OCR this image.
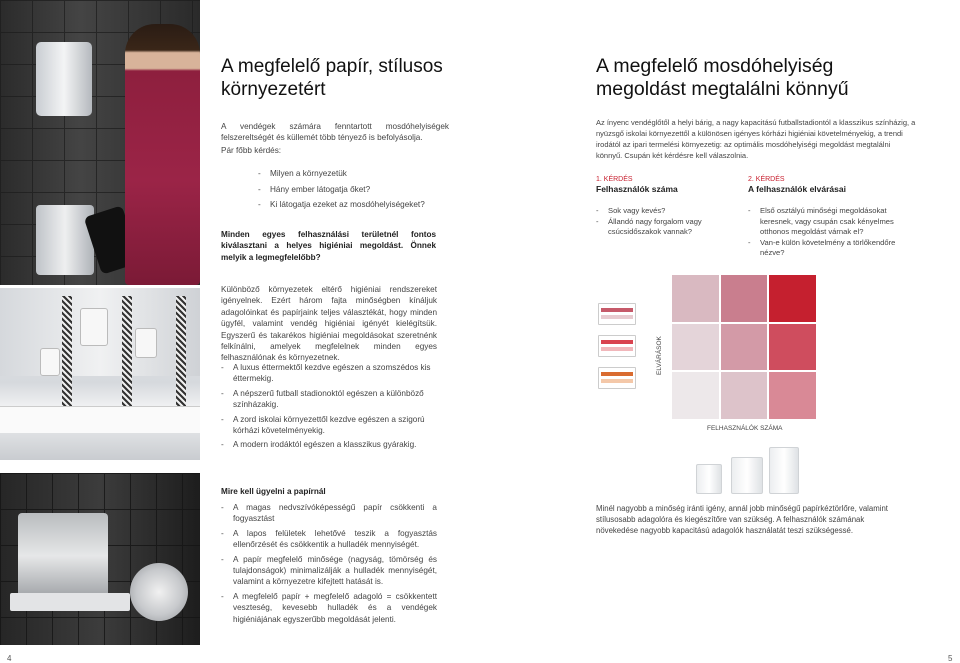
A megfelelő papír, stílusos környezetért

A vendégek számára fenntartott mosdóhelyiségek felszereltségét és küllemét több tényező is befolyásolja.

Pár főbb kérdés:

- Milyen a környezetük
- Hány ember látogatja őket?
- Ki látogatja ezeket az mosdóhelyiségeket?

Minden egyes felhasználási területnél fontos kiválasztani a helyes higiéniai megoldást. Önnek melyik a legmegfelelőbb?

Különböző környezetek eltérő higiéniai rendszereket igényelnek. Ezért három fajta minőségben kínáljuk adagolóinkat és papírjaink teljes választékát, hogy minden ügyfél, valamint vendég higiéniai igényét kielégítsük. Egyszerű és takarékos higiéniai megoldásokat szeretnénk felkínálni, amelyek megfelelnek minden egyes felhasználónak és környezetnek.

- A luxus éttermektől kezdve egészen a szomszédos kis éttermekig.
- A népszerű futball stadionoktól egészen a különböző színházakig.
- A zord iskolai környezettől kezdve egészen a szigorú kórházi követelményekig.
- A modern irodáktól egészen a klasszikus gyárakig.

Mire kell ügyelni a papírnál

- A magas nedvszívóképességű papír csökkenti a fogyasztást
- A lapos felületek lehetővé teszik a fogyasztás ellenőrzését és csökkentik a hulladék mennyiségét.
- A papír megfelelő minősége (nagyság, tömörség és tulajdonságok) minimalizálják a hulladék mennyiségét, valamint a környezetre kifejtett hatását is.
- A megfelelő papír + megfelelő adagoló = csökkentett veszteség, kevesebb hulladék és a vendégek higiéniájának egyszerűbb megoldását jelenti.
4
A megfelelő mosdóhelyiség megoldást megtalálni könnyű

Az ínyenc vendéglőtől a helyi bárig, a nagy kapacitású futballstadiontól a klasszikus színházig, a nyüzsgő iskolai környezettől a különösen igényes kórházi higiéniai követelményekig, a trendi irodától az ipari termelési környezetig: az optimális mosdóhelyiségi megoldást megtalálni könnyű. Csupán két kérdésre kell válaszolnia.

1. KÉRDÉS
Felhasználók száma
- Sok vagy kevés?
- Állandó nagy forgalom vagy csúcsidőszakok vannak?
2. KÉRDÉS
A felhasználók elvárásai
- Első osztályú minőségi megoldásokat keresnek, vagy csupán csak kényelmes otthonos megoldást várnak el?
- Van-e külön követelmény a törlőkendőre nézve?
ELVÁRÁSOK
FELHASZNÁLÓK SZÁMA

Minél nagyobb a minőség iránti igény, annál jobb minőségű papírkéztörlőre, valamint stílusosabb adagolóra és kiegészítőre van szükség. A felhasználók számának növekedése nagyobb kapacitású adagolók használatát teszi szükségessé.

5
